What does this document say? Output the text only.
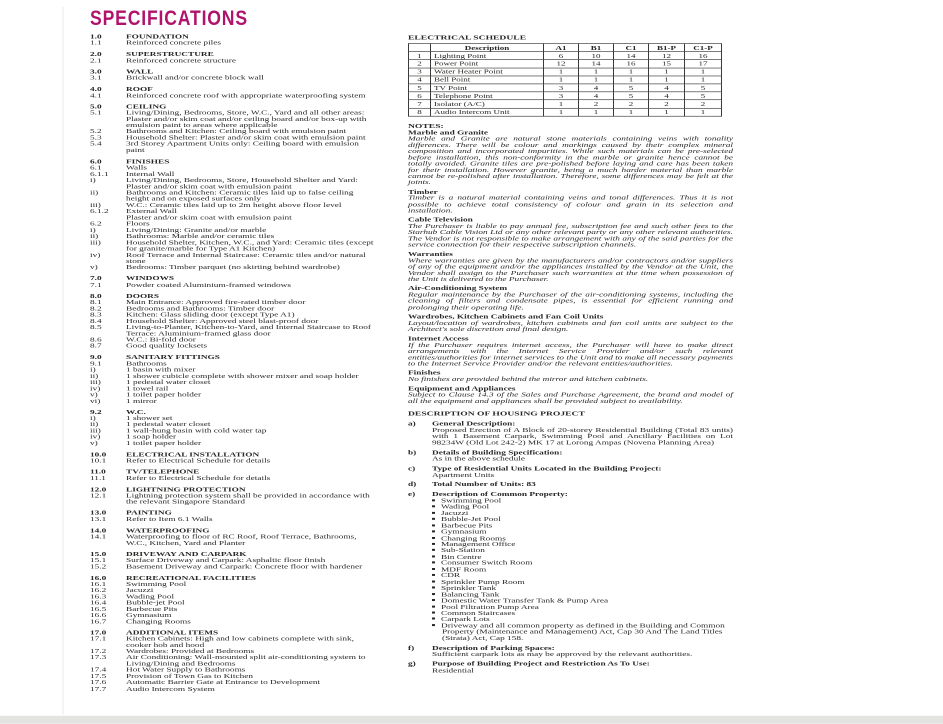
SPECIFICATIONS
1.0	FOUNDATION
1.1	Reinforced concrete piles
2.0	SUPERSTRUCTURE
2.1	Reinforced concrete structure
3.0	WALL
3.1	Brickwall and/or concrete block wall
4.0	ROOF
4.1	Reinforced concrete roof with appropriate waterproofing system
5.0	CEILING
5.1	Living/Dining, Bedrooms, Store, W.C., Yard and all other areas: Plaster and/or skim coat and/or ceiling board and/or box-up with emulsion paint to areas where applicable
5.2	Bathrooms and Kitchen: Ceiling board with emulsion paint
5.3	Household Shelter: Plaster and/or skim coat with emulsion paint
5.4	3rd Storey Apartment Units only: Ceiling board with emulsion paint
6.0	FINISHES
6.1	Walls
6.1.1	Internal Wall
i)	Living/Dining, Bedrooms, Store, Household Shelter and Yard: Plaster and/or skim coat with emulsion paint
ii)	Bathrooms and Kitchen: Ceramic tiles laid up to false ceiling height and on exposed surfaces only
iii)	W.C.: Ceramic tiles laid up to 2m height above floor level
6.1.2	External Wall
Plaster and/or skim coat with emulsion paint
6.2	Floors
i)	Living/Dining: Granite and/or marble
ii)	Bathrooms: Marble and/or ceramic tiles
iii)	Household Shelter, Kitchen, W.C., and Yard: Ceramic tiles (except for granite/marble for Type A1 Kitchen)
iv)	Roof Terrace and Internal Staircase: Ceramic tiles and/or natural stone
v)	Bedrooms: Timber parquet (no skirting behind wardrobe)
7.0	WINDOWS
7.1	Powder coated Aluminium-framed windows
8.0	DOORS
8.1	Main Entrance: Approved fire-rated timber door
8.2	Bedrooms and Bathrooms: Timber door
8.3	Kitchen: Glass sliding door (except Type A1)
8.4	Household Shelter: Approved steel blast-proof door
8.5	Living-to-Planter, Kitchen-to-Yard, and Internal Staircase to Roof Terrace: Aluminium-framed glass door
8.6	W.C.: Bi-fold door
8.7	Good quality locksets
9.0	SANITARY FITTINGS
9.1	Bathrooms
i)	1 basin with mixer
ii)	1 shower cubicle complete with shower mixer and soap holder
iii)	1 pedestal water closet
iv)	1 towel rail
v)	1 toilet paper holder
vi)	1 mirror
9.2	W.C.
i)	1 shower set
ii)	1 pedestal water closet
iii)	1 wall-hung basin with cold water tap
iv)	1 soap holder
v)	1 toilet paper holder
10.0	ELECTRICAL INSTALLATION
10.1	Refer to Electrical Schedule for details
11.0	TV/TELEPHONE
11.1	Refer to Electrical Schedule for details
12.0	LIGHTNING PROTECTION
12.1	Lightning protection system shall be provided in accordance with the relevant Singapore Standard
13.0	PAINTING
13.1	Refer to Item 6.1 Walls
14.0	WATERPROOFING
14.1	Waterproofing to floor of RC Roof, Roof Terrace, Bathrooms, W.C., Kitchen, Yard and Planter
15.0	DRIVEWAY AND CARPARK
15.1	Surface Driveway and Carpark: Asphaltic floor finish
15.2	Basement Driveway and Carpark: Concrete floor with hardener
16.0	RECREATIONAL FACILITIES
16.1	Swimming Pool
16.2	Jacuzzi
16.3	Wading Pool
16.4	Bubble-jet Pool
16.5	Barbecue Pits
16.6	Gymnasium
16.7	Changing Rooms
17.0	ADDITIONAL ITEMS
17.1	Kitchen Cabinets: High and low cabinets complete with sink, cooker hob and hood
17.2	Wardrobes: Provided at Bedrooms
17.3	Air Conditioning: Wall-mounted split air-conditioning system to Living/Dining and Bedrooms
17.4	Hot Water Supply to Bathrooms
17.5	Provision of Town Gas to Kitchen
17.6	Automatic Barrier Gate at Entrance to Development
17.7	Audio Intercom System
ELECTRICAL SCHEDULE
	Description	A1	B1	C1	B1-P	C1-P
1	Lighting Point	6	10	14	12	16
2	Power Point	12	14	16	15	17
3	Water Heater Point	1	1	1	1	1
4	Bell Point	1	1	1	1	1
5	TV Point	3	4	5	4	5
6	Telephone Point	3	4	5	4	5
7	Isolator (A/C)	1	2	2	2	2
8	Audio Intercom Unit	1	1	1	1	1
NOTES:
Marble and Granite
Marble and Granite are natural stone materials containing veins with tonality differences. There will be colour and markings caused by their complex mineral composition and incorporated impurities. While such materials can be pre-selected before installation, this non-conformity in the marble or granite hence cannot be totally avoided. Granite tiles are pre-polished before laying and care has been taken for their installation. However granite, being a much harder material than marble cannot be re-polished after installation. Therefore, some differences may be felt at the joints.
Timber
Timber is a natural material containing veins and tonal differences. Thus it is not possible to achieve total consistency of colour and grain in its selection and installation.
Cable Television
The Purchaser is liable to pay annual fee, subscription fee and such other fees to the Starhub Cable Vision Ltd or any other relevant party or any other relevant authorities. The Vendor is not responsible to make arrangement with any of the said parties for the service connection for their respective subscription channels.
Warranties
Where warranties are given by the manufacturers and/or contractors and/or suppliers of any of the equipment and/or the appliances installed by the Vendor at the Unit, the Vendor shall assign to the Purchaser such warranties at the time when possession of the Unit is delivered to the Purchaser.
Air-Conditioning System
Regular maintenance by the Purchaser of the air-conditioning systems, including the cleaning of filters and condensate pipes, is essential for efficient running and prolonging their operating life.
Wardrobes, Kitchen Cabinets and Fan Coil Units
Layout/location of wardrobes, kitchen cabinets and fan coil units are subject to the Architect's sole discretion and final design.
Internet Access
If the Purchaser requires internet access, the Purchaser will have to make direct arrangements with the Internet Service Provider and/or such relevant entities/authorities for internet services to the Unit and to make all necessary payments to the Internet Service Provider and/or the relevant entities/authorities.
Finishes
No finishes are provided behind the mirror and kitchen cabinets.
Equipment and Appliances
Subject to Clause 14.3 of the Sales and Purchase Agreement, the brand and model of all the equipment and appliances shall be provided subject to availability.
DESCRIPTION OF HOUSING PROJECT
a)	General Description:
Proposed Erection of A Block of 20-storey Residential Building (Total 83 units) with 1 Basement Carpark, Swimming Pool and Ancillary Facilities on Lot 98234W (Old Lot 242-2) MK 17 at Lorong Ampas (Novena Planning Area)
b)	Details of Building Specification:
As in the above schedule
c)	Type of Residential Units Located in the Building Project:
Apartment Units
d)	Total Number of Units: 83
e)	Description of Common Property:
Swimming Pool
Wading Pool
Jacuzzi
Bubble-Jet Pool
Barbecue Pits
Gymnasium
Changing Rooms
Management Office
Sub-Station
Bin Centre
Consumer Switch Room
MDF Room
CDR
Sprinkler Pump Room
Sprinkler Tank
Balancing Tank
Domestic Water Transfer Tank & Pump Area
Pool Filtration Pump Area
Common Staircases
Carpark Lots
Driveway and all common property as defined in the Building and Common Property (Maintenance and Management) Act, Cap 30 And The Land Titles (Strata) Act, Cap 158.
f)	Description of Parking Spaces:
Sufficient carpark lots as may be approved by the relevant authorities.
g)	Purpose of Building Project and Restriction As To Use:
Residential
